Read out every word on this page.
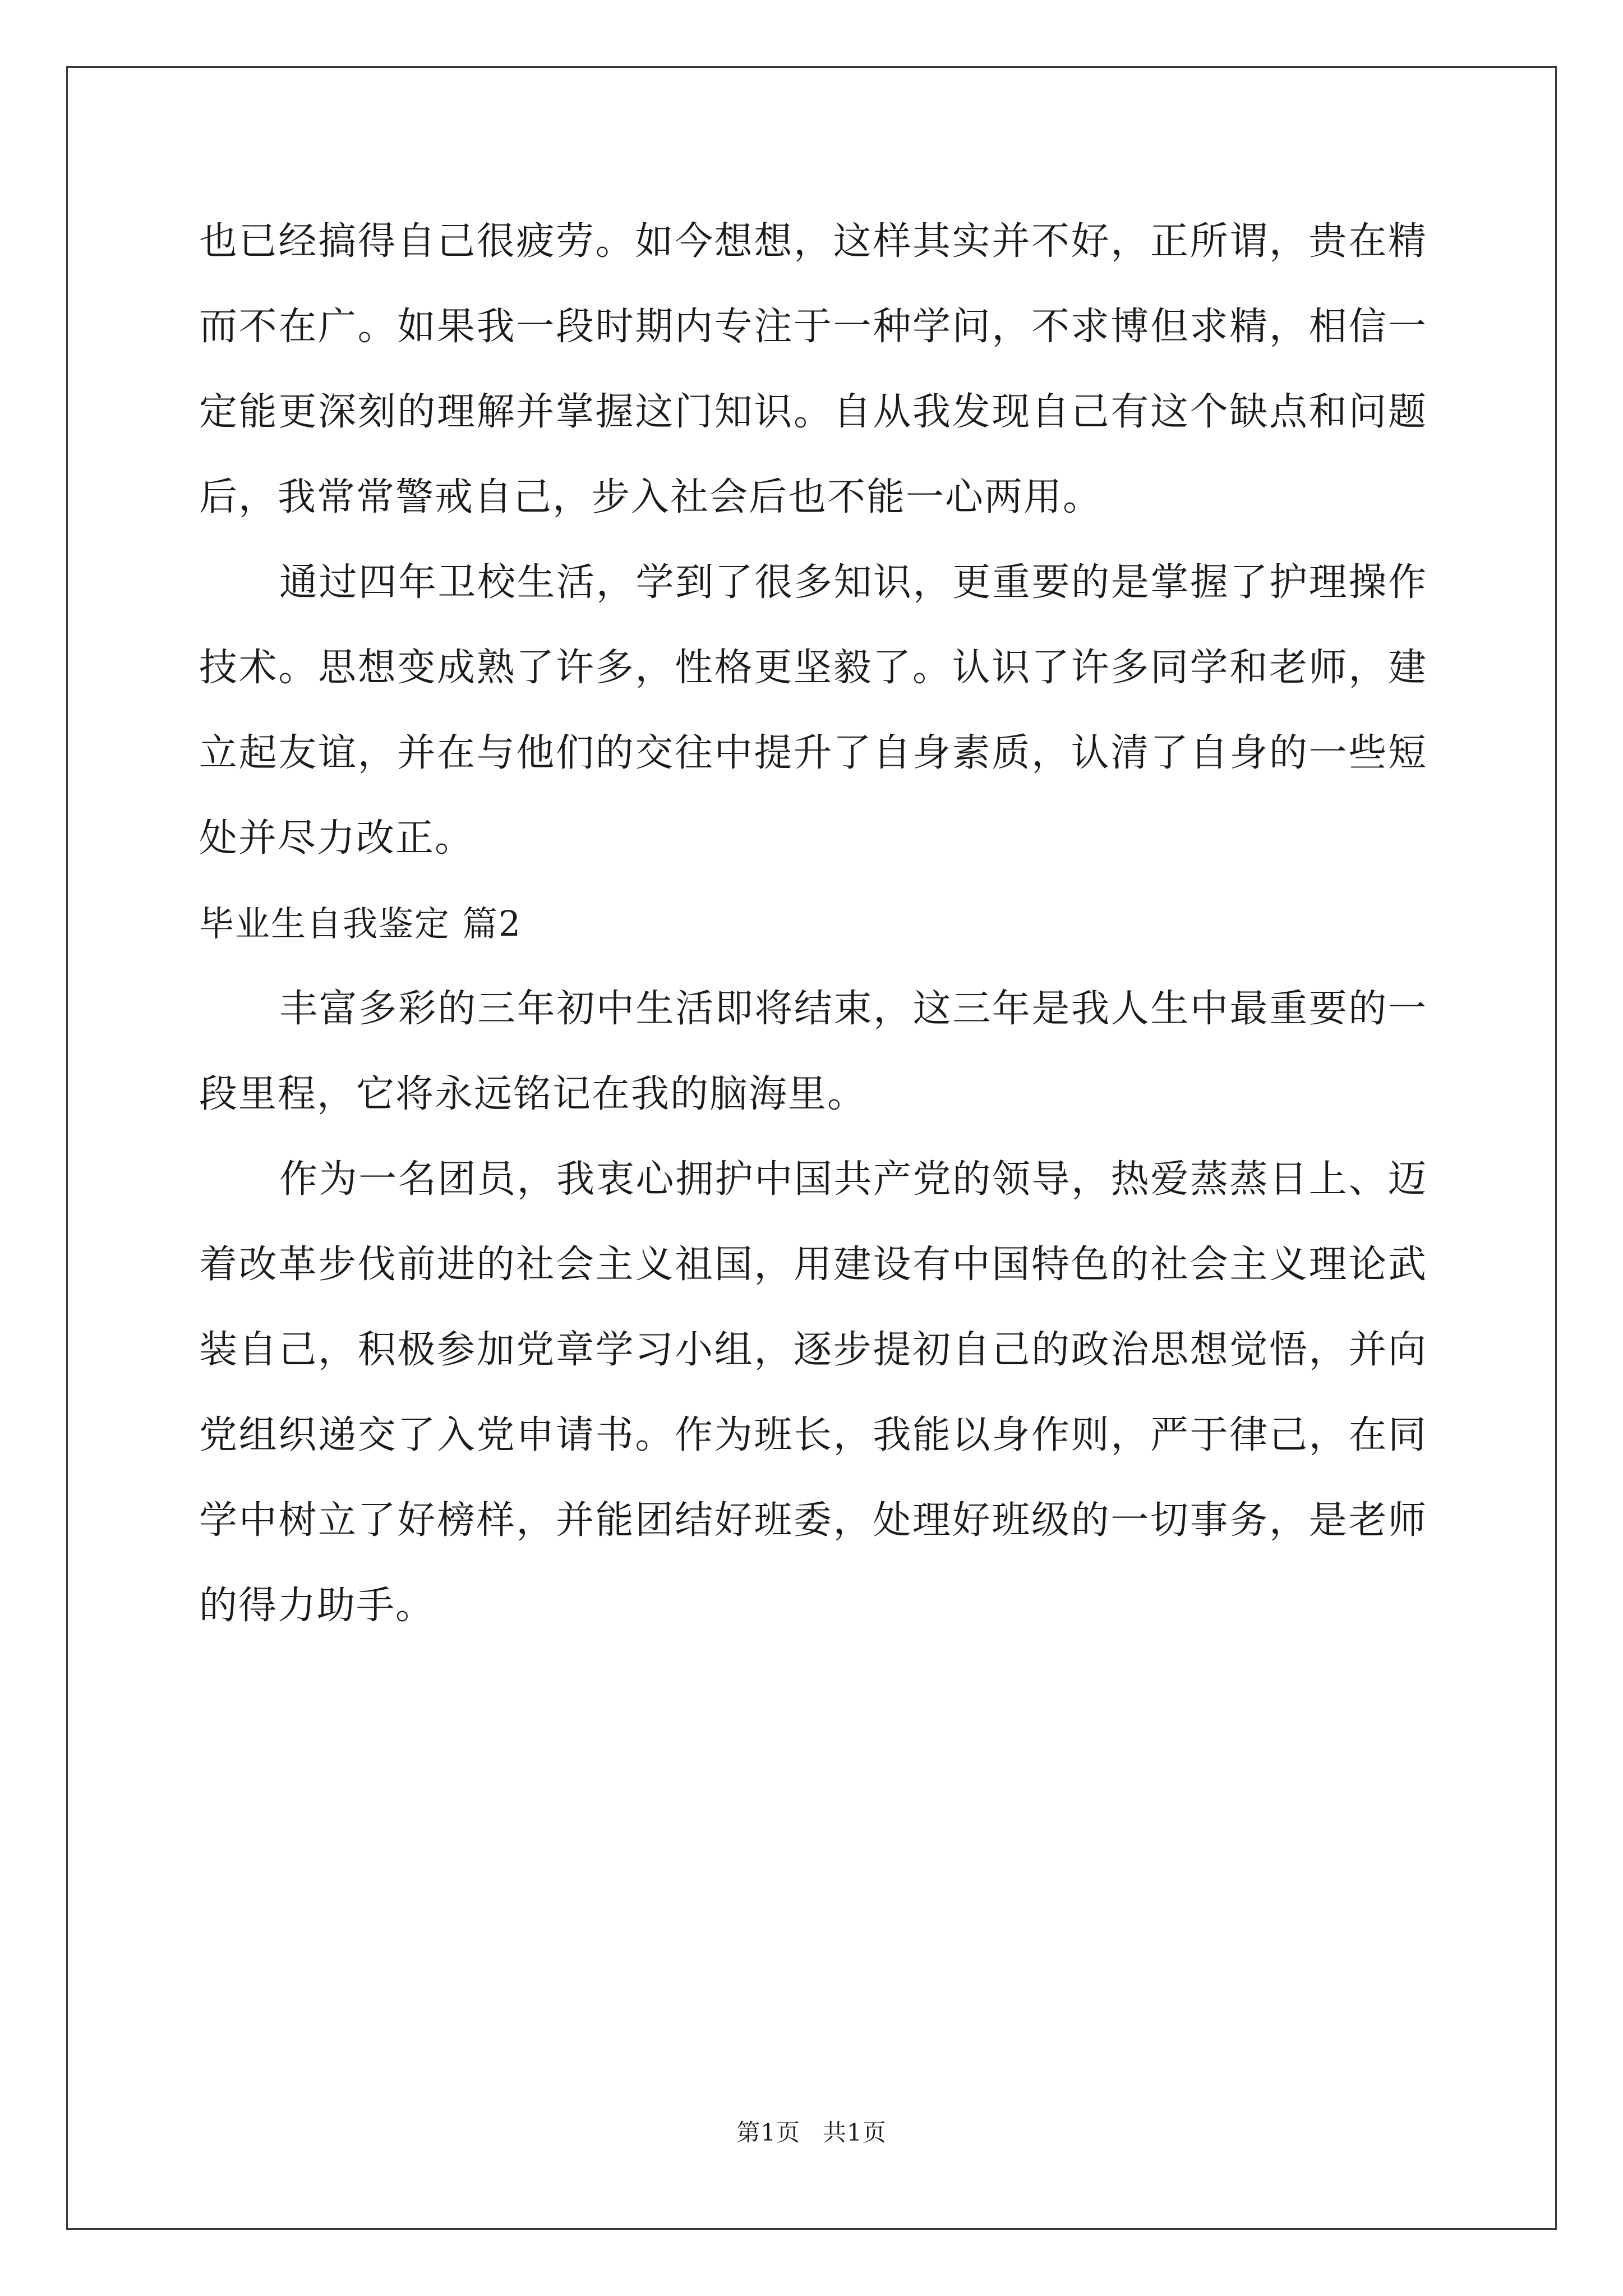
也已经搞得自己很疲劳。如今想想，这样其实并不好，正所谓，贵在精而不在广。如果我一段时期内专注于一种学问，不求博但求精，相信一定能更深刻的理解并掌握这门知识。自从我发现自己有这个缺点和问题后，我常常警戒自己，步入社会后也不能一心两用。

通过四年卫校生活，学到了很多知识，更重要的是掌握了护理操作技术。思想变成熟了许多，性格更坚毅了。认识了许多同学和老师，建立起友谊，并在与他们的交往中提升了自身素质，认清了自身的一些短处并尽力改正。

毕业生自我鉴定 篇2

丰富多彩的三年初中生活即将结束，这三年是我人生中最重要的一段里程，它将永远铭记在我的脑海里。

作为一名团员，我衷心拥护中国共产党的领导，热爱蒸蒸日上、迈着改革步伐前进的社会主义祖国，用建设有中国特色的社会主义理论武装自己，积极参加党章学习小组，逐步提初自己的政治思想觉悟，并向党组织递交了入党申请书。作为班长，我能以身作则，严于律己，在同学中树立了好榜样，并能团结好班委，处理好班级的一切事务，是老师的得力助手。

第1页 共1页
